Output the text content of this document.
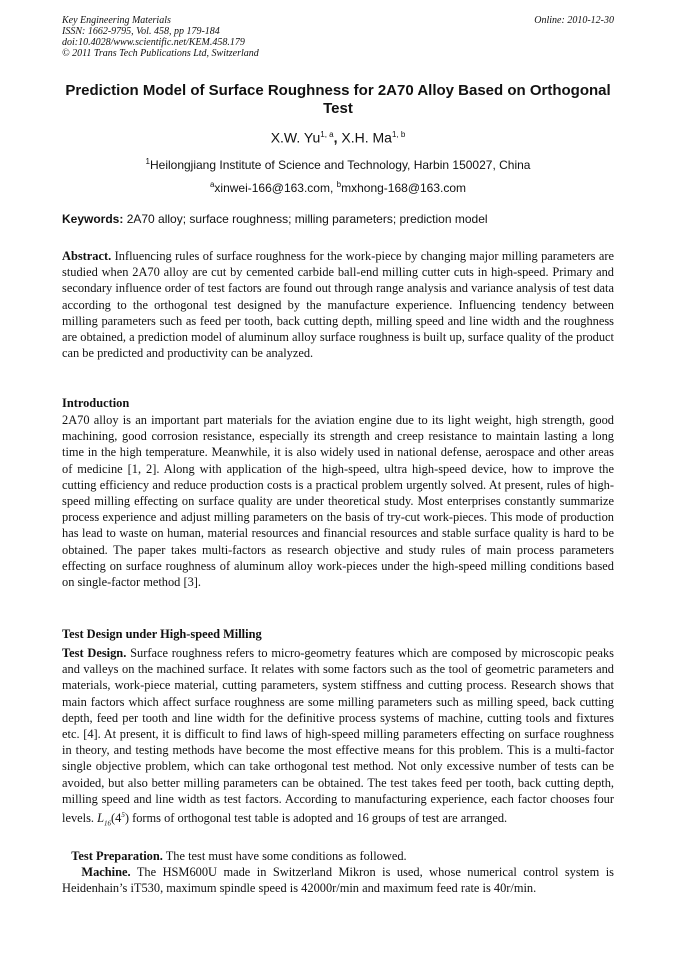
Key Engineering Materials
ISSN: 1662-9795, Vol. 458, pp 179-184
doi:10.4028/www.scientific.net/KEM.458.179
© 2011 Trans Tech Publications Ltd, Switzerland
Online: 2010-12-30
Prediction Model of Surface Roughness for 2A70 Alloy Based on Orthogonal Test
X.W. Yu$^{1, a}$, X.H. Ma$^{1, b}$
$^1$Heilongjiang Institute of Science and Technology, Harbin 150027, China
$^a$xinwei-166@163.com, $^b$mxhong-168@163.com
Keywords: 2A70 alloy; surface roughness; milling parameters; prediction model
Abstract. Influencing rules of surface roughness for the work-piece by changing major milling parameters are studied when 2A70 alloy are cut by cemented carbide ball-end milling cutter cuts in high-speed. Primary and secondary influence order of test factors are found out through range analysis and variance analysis of test data according to the orthogonal test designed by the manufacture experience. Influencing tendency between milling parameters such as feed per tooth, back cutting depth, milling speed and line width and the roughness are obtained, a prediction model of aluminum alloy surface roughness is built up, surface quality of the product can be predicted and productivity can be analyzed.
Introduction
2A70 alloy is an important part materials for the aviation engine due to its light weight, high strength, good machining, good corrosion resistance, especially its strength and creep resistance to maintain lasting a long time in the high temperature. Meanwhile, it is also widely used in national defense, aerospace and other areas of medicine [1, 2]. Along with application of the high-speed, ultra high-speed device, how to improve the cutting efficiency and reduce production costs is a practical problem urgently solved. At present, rules of high-speed milling effecting on surface quality are under theoretical study. Most enterprises constantly summarize process experience and adjust milling parameters on the basis of try-cut work-pieces. This mode of production has lead to waste on human, material resources and financial resources and stable surface quality is hard to be obtained. The paper takes multi-factors as research objective and study rules of main process parameters effecting on surface roughness of aluminum alloy work-pieces under the high-speed milling conditions based on single-factor method [3].
Test Design under High-speed Milling
Test Design. Surface roughness refers to micro-geometry features which are composed by microscopic peaks and valleys on the machined surface. It relates with some factors such as the tool of geometric parameters and materials, work-piece material, cutting parameters, system stiffness and cutting process. Research shows that main factors which affect surface roughness are some milling parameters such as milling speed, back cutting depth, feed per tooth and line width for the definitive process systems of machine, cutting tools and fixtures etc. [4]. At present, it is difficult to find laws of high-speed milling parameters effecting on surface roughness in theory, and testing methods have become the most effective means for this problem. This is a multi-factor single objective problem, which can take orthogonal test method. Not only excessive number of tests can be avoided, but also better milling parameters can be obtained. The test takes feed per tooth, back cutting depth, milling speed and line width as test factors. According to manufacturing experience, each factor chooses four levels. $L_{16}(4^5)$ forms of orthogonal test table is adopted and 16 groups of test are arranged.
Test Preparation. The test must have some conditions as followed.
Machine. The HSM600U made in Switzerland Mikron is used, whose numerical control system is Heidenhain’s iT530, maximum spindle speed is 42000r/min and maximum feed rate is 40r/min.
